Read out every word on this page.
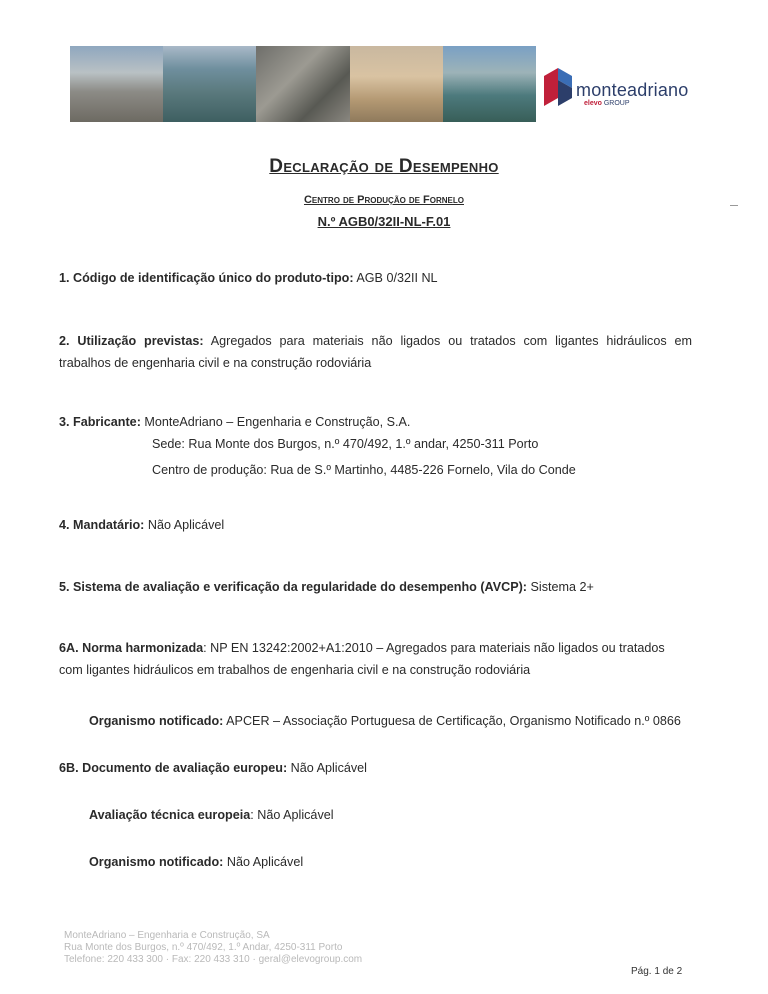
monteadriano
elevo GROUP
Declaração de Desempenho
Centro de Produção de Fornelo
N.º AGB0/32II-NL-F.01
1. Código de identificação único do produto-tipo: AGB 0/32II NL
2. Utilização previstas: Agregados para materiais não ligados ou tratados com ligantes hidráulicos em
trabalhos de engenharia civil e na construção rodoviária
3. Fabricante: MonteAdriano – Engenharia e Construção, S.A.
Sede: Rua Monte dos Burgos, n.º 470/492, 1.º andar, 4250-311 Porto
Centro de produção: Rua de S.º Martinho, 4485-226 Fornelo, Vila do Conde
4. Mandatário: Não Aplicável
5. Sistema de avaliação e verificação da regularidade do desempenho (AVCP): Sistema 2+
6A. Norma harmonizada: NP EN 13242:2002+A1:2010 – Agregados para materiais não ligados ou tratados
com ligantes hidráulicos em trabalhos de engenharia civil e na construção rodoviária
Organismo notificado: APCER – Associação Portuguesa de Certificação, Organismo Notificado n.º 0866
6B. Documento de avaliação europeu: Não Aplicável
Avaliação técnica europeia: Não Aplicável
Organismo notificado: Não Aplicável
MonteAdriano – Engenharia e Construção, SA
Rua Monte dos Burgos, n.º 470/492, 1.º Andar, 4250-311 Porto
Telefone: 220 433 300 · Fax: 220 433 310 · geral@elevogroup.com
Pág. 1 de 2
